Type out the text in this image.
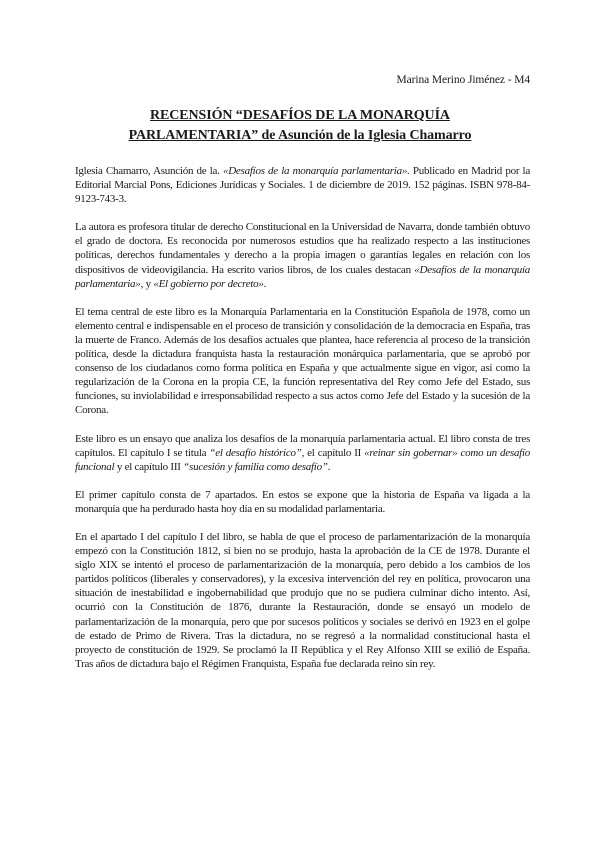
Marina Merino Jiménez - M4
RECENSIÓN “DESAFÍOS DE LA MONARQUÍA
PARLAMENTARIA” de Asunción de la Iglesia Chamarro

Iglesia Chamarro, Asunción de la. «Desafíos de la monarquía parlamentaria». Publicado en Madrid por la Editorial Marcial Pons, Ediciones Jurídicas y Sociales. 1 de diciembre de 2019. 152 páginas. ISBN 978-84-9123-743-3.

La autora es profesora titular de derecho Constitucional en la Universidad de Navarra, donde también obtuvo el grado de doctora. Es reconocida por numerosos estudios que ha realizado respecto a las instituciones políticas, derechos fundamentales y derecho a la propia imagen o garantías legales en relación con los dispositivos de videovigilancia. Ha escrito varios libros, de los cuales destacan «Desafíos de la monarquía parlamentaria», y «El gobierno por decreto».

El tema central de este libro es la Monarquía Parlamentaria en la Constitución Española de 1978, como un elemento central e indispensable en el proceso de transición y consolidación de la democracia en España, tras la muerte de Franco. Además de los desafíos actuales que plantea, hace referencia al proceso de la transición política, desde la dictadura franquista hasta la restauración monárquica parlamentaria, que se aprobó por consenso de los ciudadanos como forma política en España y que actualmente sigue en vigor, así como la regularización de la Corona en la propia CE, la función representativa del Rey como Jefe del Estado, sus funciones, su inviolabilidad e irresponsabilidad respecto a sus actos como Jefe del Estado y la sucesión de la Corona.

Este libro es un ensayo que analiza los desafíos de la monarquía parlamentaria actual. El libro consta de tres capítulos. El capítulo I se titula “el desafío histórico”, el capítulo II «reinar sin gobernar» como un desafío funcional y el capítulo III “sucesión y familia como desafío”.

El primer capítulo consta de 7 apartados. En estos se expone que la historia de España va ligada a la monarquía que ha perdurado hasta hoy día en su modalidad parlamentaria.

En el apartado I del capítulo I del libro, se habla de que el proceso de parlamentarización de la monarquía empezó con la Constitución 1812, si bien no se produjo, hasta la aprobación de la CE de 1978. Durante el siglo XIX se intentó el proceso de parlamentarización de la monarquía, pero debido a los cambios de los partidos políticos (liberales y conservadores), y la excesiva intervención del rey en política, provocaron una situación de inestabilidad e ingobernabilidad que produjo que no se pudiera culminar dicho intento. Así, ocurrió con la Constitución de 1876, durante la Restauración, donde se ensayó un modelo de parlamentarización de la monarquía, pero que por sucesos políticos y sociales se derivó en 1923 en el golpe de estado de Primo de Rivera. Tras la dictadura, no se regresó a la normalidad constitucional hasta el proyecto de constitución de 1929. Se proclamó la II República y el Rey Alfonso XIII se exilió de España. Tras años de dictadura bajo el Régimen Franquista, España fue declarada reino sin rey.
